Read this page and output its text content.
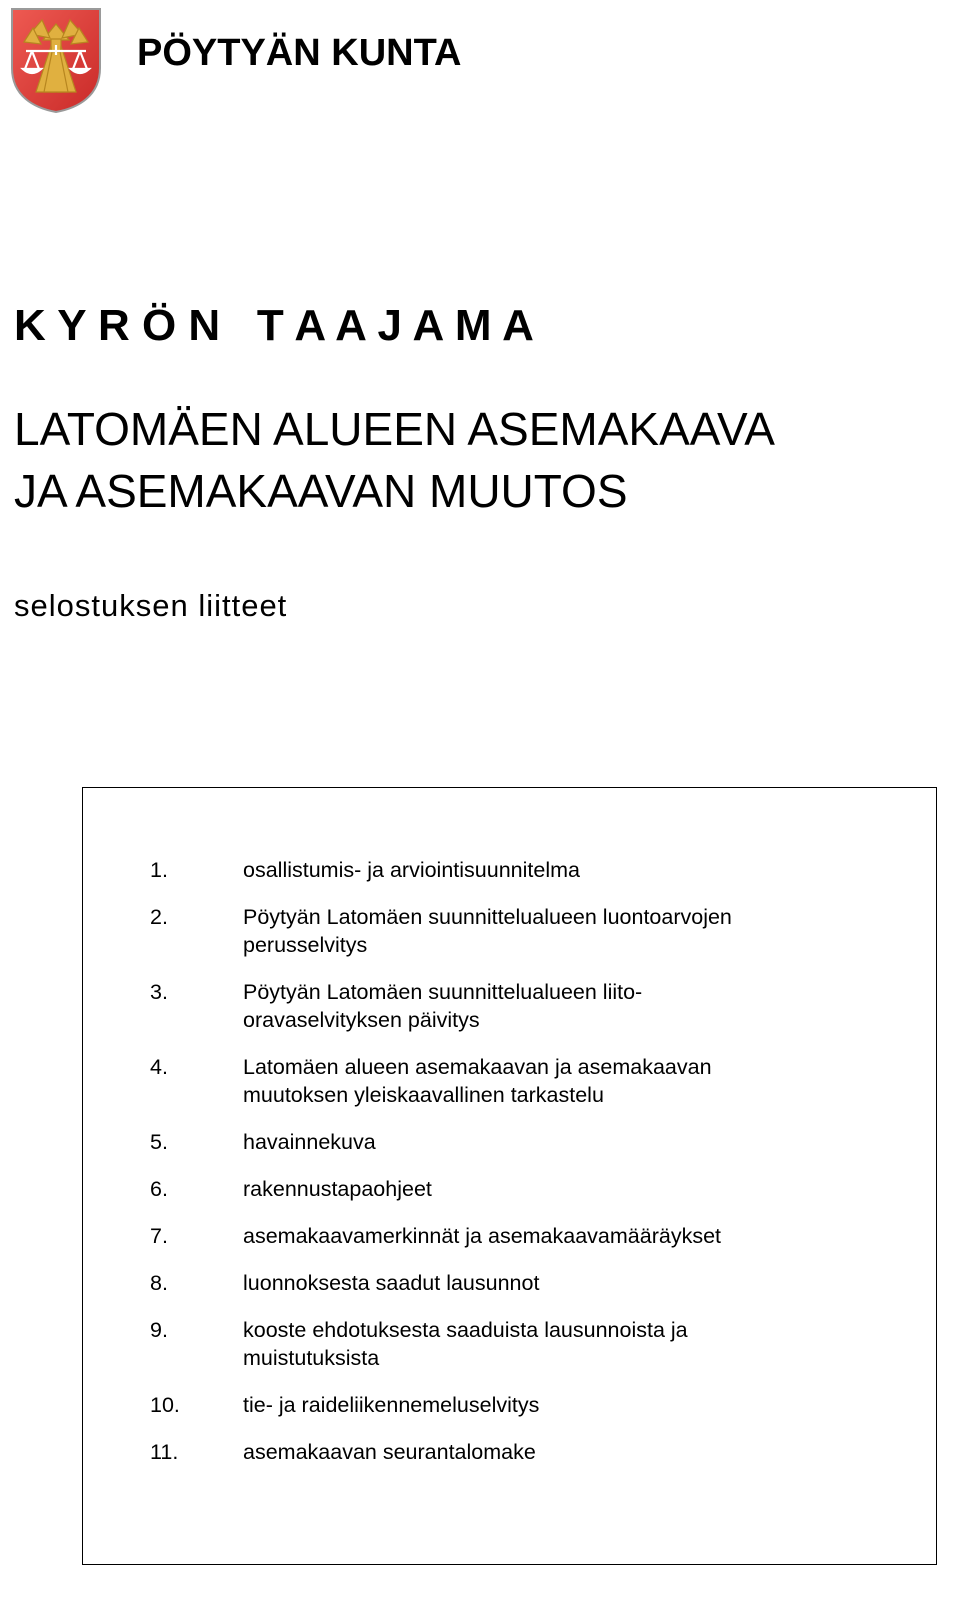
PÖYTYÄN KUNTA
K Y R Ö N   T A A J A M A
LATOMÄEN ALUEEN ASEMAKAAVA
JA ASEMAKAAVAN MUUTOS
selostuksen liitteet
1.	osallistumis- ja arviointisuunnitelma
2.	Pöytyän Latomäen suunnittelualueen luontoarvojen
perusselvitys
3.	Pöytyän Latomäen suunnittelualueen liito-
oravaselvityksen päivitys
4.	Latomäen alueen asemakaavan ja asemakaavan
muutoksen yleiskaavallinen tarkastelu
5.	havainnekuva
6.	rakennustapaohjeet
7.	asemakaavamerkinnät ja asemakaavamääräykset
8.	luonnoksesta saadut lausunnot
9.	kooste ehdotuksesta saaduista lausunnoista ja
muistutuksista
10.	tie- ja raideliikennemeluselvitys
11.	asemakaavan seurantalomake
